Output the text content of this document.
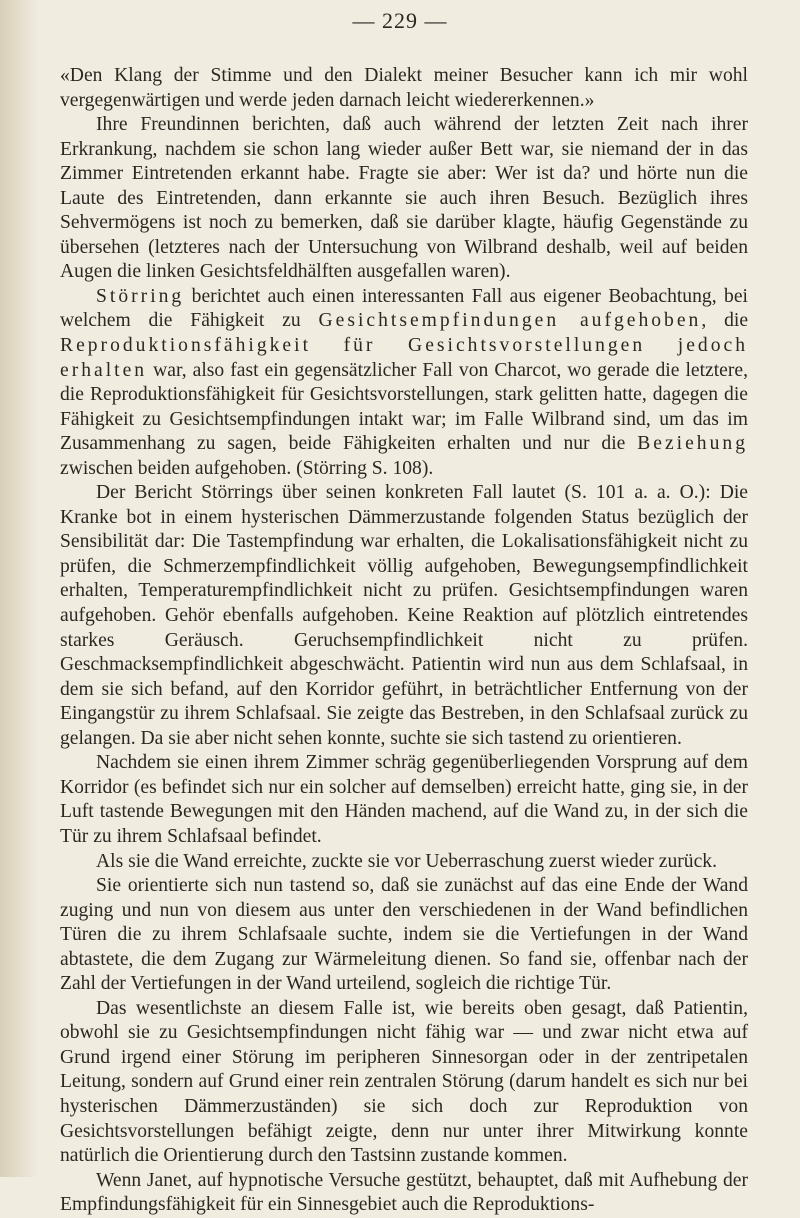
— 229 —

«Den Klang der Stimme und den Dialekt meiner Besucher kann ich mir wohl vergegenwärtigen und werde jeden darnach leicht wiedererkennen.»

Ihre Freundinnen berichten, daß auch während der letzten Zeit nach ihrer Erkrankung, nachdem sie schon lang wieder außer Bett war, sie niemand der in das Zimmer Eintretenden erkannt habe. Fragte sie aber: Wer ist da? und hörte nun die Laute des Eintretenden, dann erkannte sie auch ihren Besuch. Bezüglich ihres Sehvermögens ist noch zu bemerken, daß sie darüber klagte, häufig Gegenstände zu übersehen (letzteres nach der Untersuchung von Wilbrand deshalb, weil auf beiden Augen die linken Gesichtsfeldhälften ausgefallen waren).

Störring berichtet auch einen interessanten Fall aus eigener Beobachtung, bei welchem die Fähigkeit zu Gesichtsempfindungen aufgehoben, die Reproduktionsfähigkeit für Gesichtsvorstellungen jedoch erhalten war, also fast ein gegensätzlicher Fall von Charcot, wo gerade die letztere, die Reproduktionsfähigkeit für Gesichtsvorstellungen, stark gelitten hatte, dagegen die Fähigkeit zu Gesichtsempfindungen intakt war; im Falle Wilbrand sind, um das im Zusammenhang zu sagen, beide Fähigkeiten erhalten und nur die Beziehung zwischen beiden aufgehoben. (Störring S. 108).

Der Bericht Störrings über seinen konkreten Fall lautet (S. 101 a. a. O.): Die Kranke bot in einem hysterischen Dämmerzustande folgenden Status bezüglich der Sensibilität dar: Die Tastempfindung war erhalten, die Lokalisationsfähigkeit nicht zu prüfen, die Schmerzempfindlichkeit völlig aufgehoben, Bewegungsempfindlichkeit erhalten, Temperaturempfindlichkeit nicht zu prüfen. Gesichtsempfindungen waren aufgehoben. Gehör ebenfalls aufgehoben. Keine Reaktion auf plötzlich eintretendes starkes Geräusch. Geruchsempfindlichkeit nicht zu prüfen. Geschmacksempfindlichkeit abgeschwächt. Patientin wird nun aus dem Schlafsaal, in dem sie sich befand, auf den Korridor geführt, in beträchtlicher Entfernung von der Eingangstür zu ihrem Schlafsaal. Sie zeigte das Bestreben, in den Schlafsaal zurück zu gelangen. Da sie aber nicht sehen konnte, suchte sie sich tastend zu orientieren.

Nachdem sie einen ihrem Zimmer schräg gegenüberliegenden Vorsprung auf dem Korridor (es befindet sich nur ein solcher auf demselben) erreicht hatte, ging sie, in der Luft tastende Bewegungen mit den Händen machend, auf die Wand zu, in der sich die Tür zu ihrem Schlafsaal befindet.

Als sie die Wand erreichte, zuckte sie vor Ueberraschung zuerst wieder zurück.

Sie orientierte sich nun tastend so, daß sie zunächst auf das eine Ende der Wand zuging und nun von diesem aus unter den verschiedenen in der Wand befindlichen Türen die zu ihrem Schlafsaale suchte, indem sie die Vertiefungen in der Wand abtastete, die dem Zugang zur Wärmeleitung dienen. So fand sie, offenbar nach der Zahl der Vertiefungen in der Wand urteilend, sogleich die richtige Tür.

Das wesentlichste an diesem Falle ist, wie bereits oben gesagt, daß Patientin, obwohl sie zu Gesichtsempfindungen nicht fähig war — und zwar nicht etwa auf Grund irgend einer Störung im peripheren Sinnesorgan oder in der zentripetalen Leitung, sondern auf Grund einer rein zentralen Störung (darum handelt es sich nur bei hysterischen Dämmerzuständen) sie sich doch zur Reproduktion von Gesichtsvorstellungen befähigt zeigte, denn nur unter ihrer Mitwirkung konnte natürlich die Orientierung durch den Tastsinn zustande kommen.

Wenn Janet, auf hypnotische Versuche gestützt, behauptet, daß mit Aufhebung der Empfindungsfähigkeit für ein Sinnesgebiet auch die Reproduktions-
